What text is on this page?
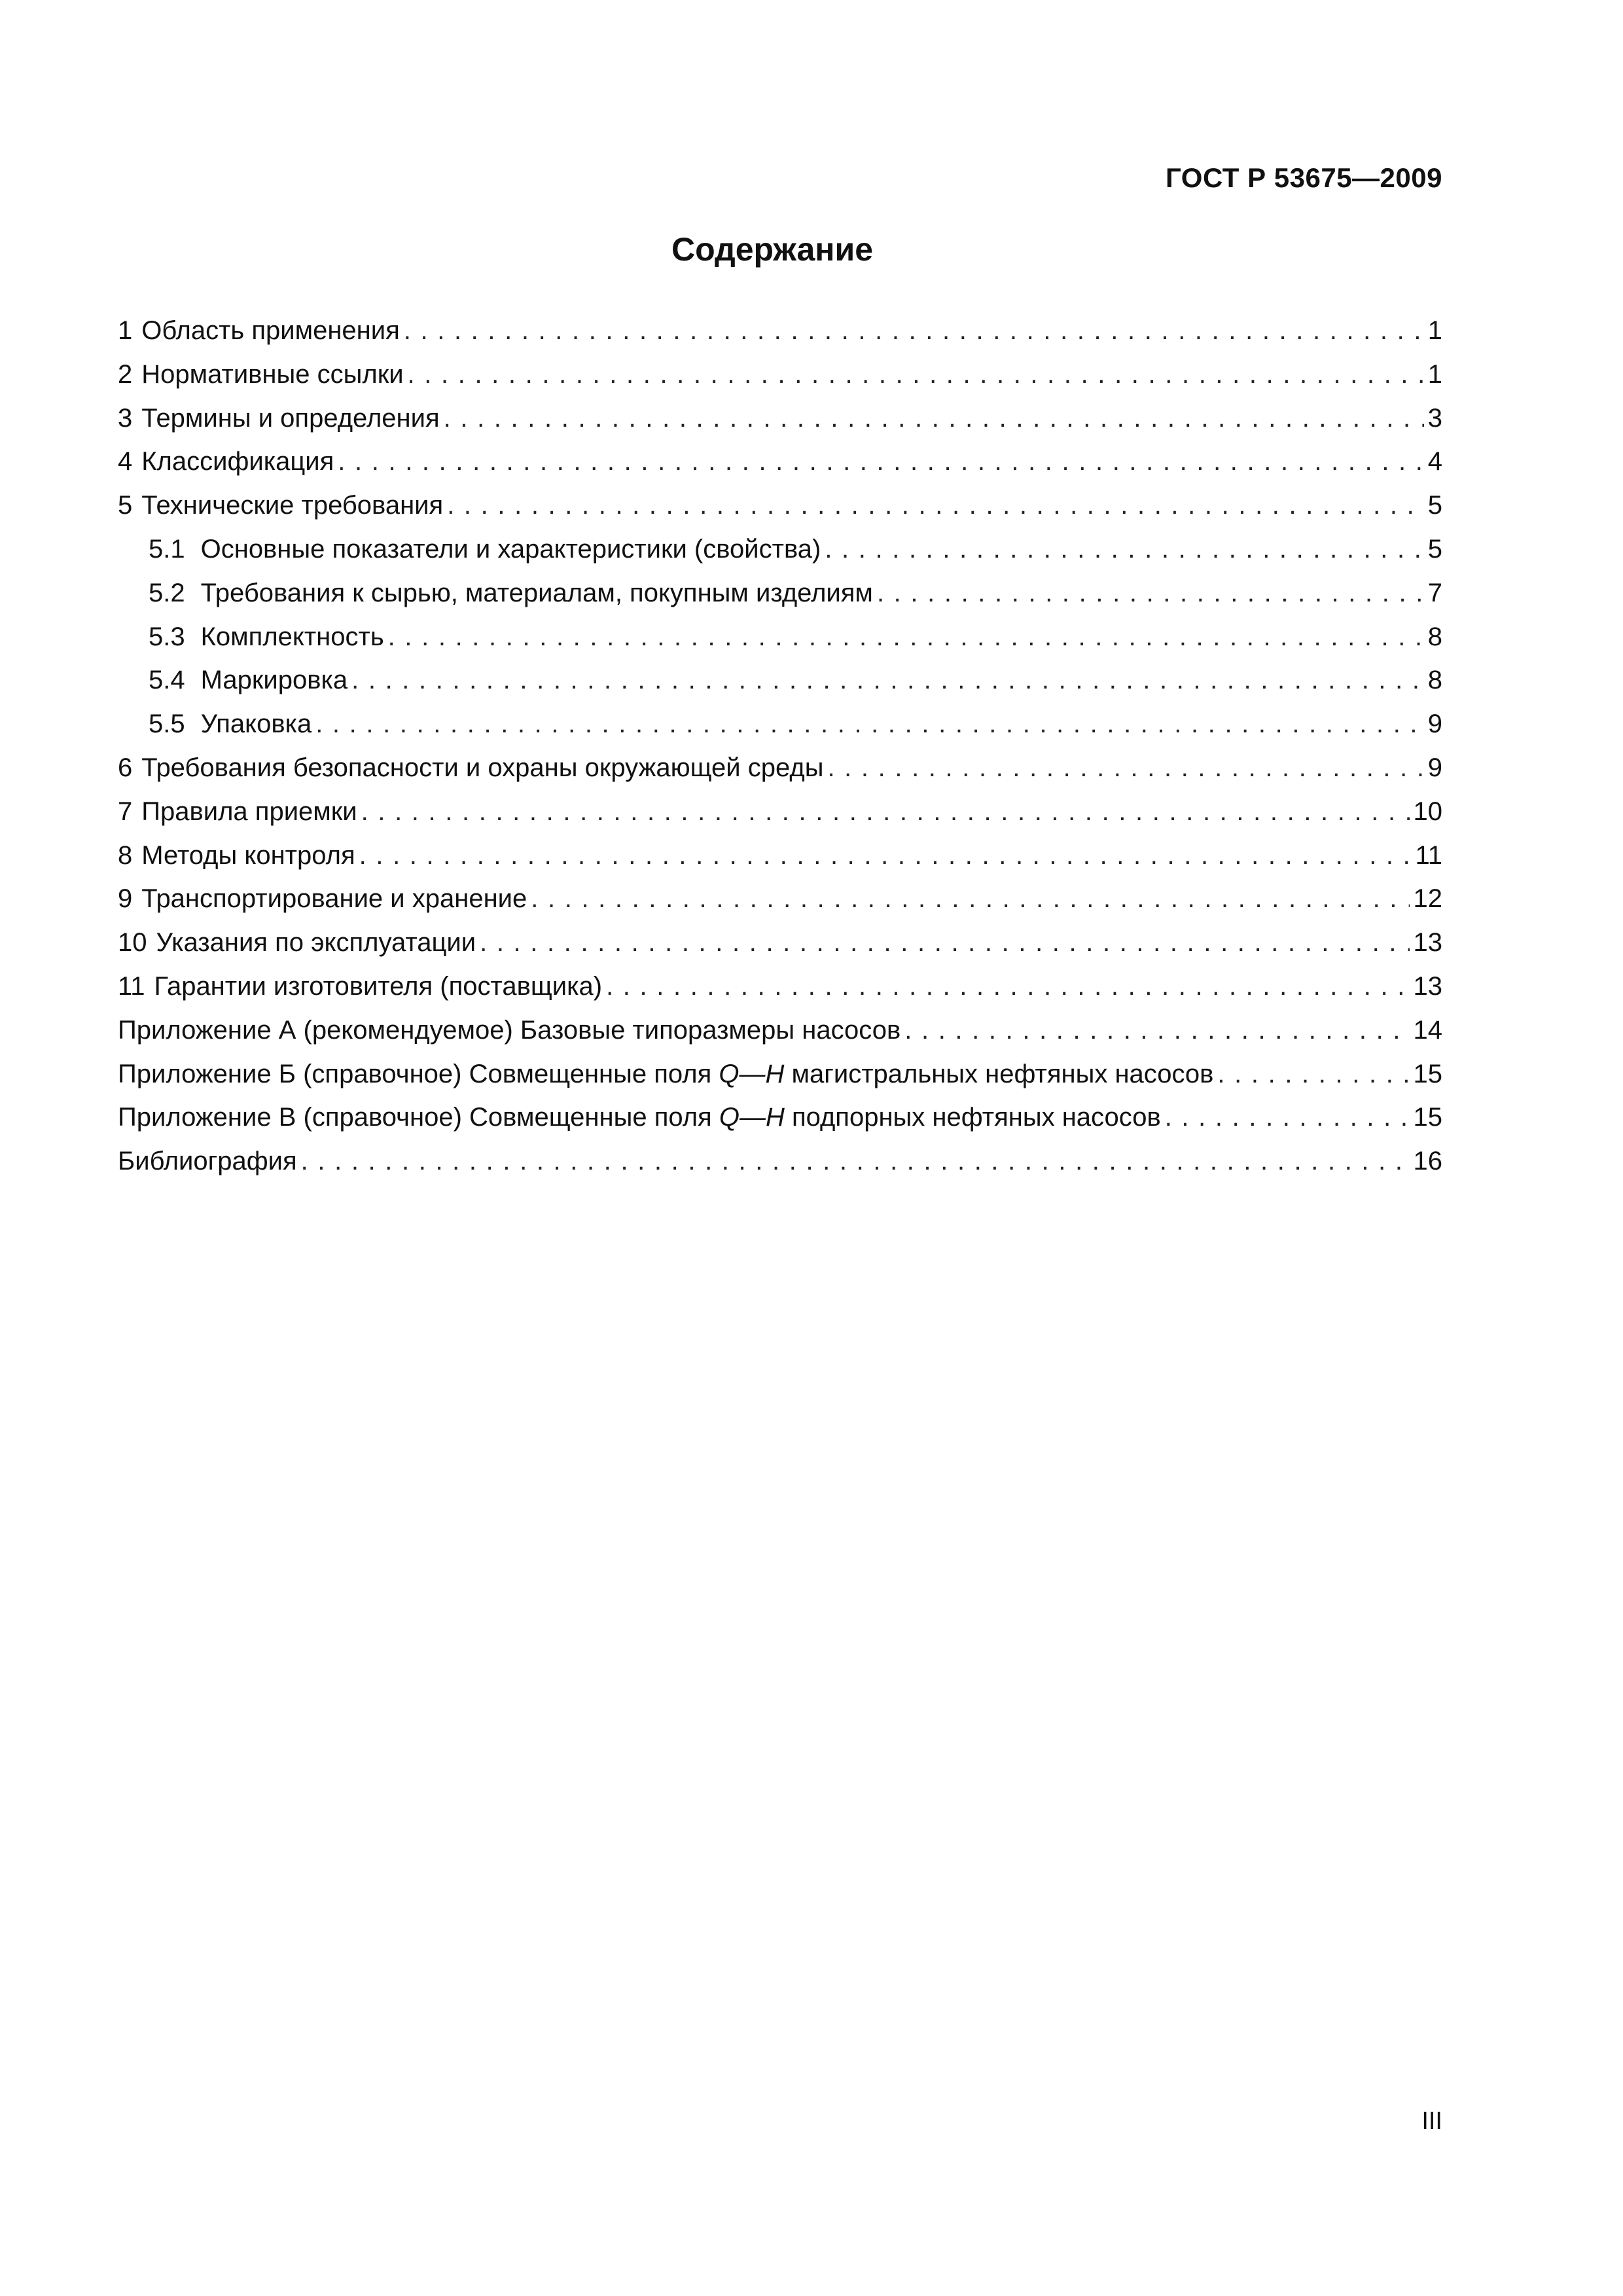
ГОСТ Р 53675—2009
Содержание
1 Область применения . . .	1
2 Нормативные ссылки . . .	1
3 Термины и определения . . .	3
4 Классификация . . .	4
5 Технические требования . . .	5
5.1 Основные показатели и характеристики (свойства) . . .	5
5.2 Требования к сырью, материалам, покупным изделиям . . .	7
5.3 Комплектность . . .	8
5.4 Маркировка . . .	8
5.5 Упаковка . . .	9
6 Требования безопасности и охраны окружающей среды . . .	9
7 Правила приемки . . .	10
8 Методы контроля . . .	11
9 Транспортирование и хранение . . .	12
10 Указания по эксплуатации . . .	13
11 Гарантии изготовителя (поставщика) . . .	13
Приложение А (рекомендуемое) Базовые типоразмеры насосов . . .	14
Приложение Б (справочное) Совмещенные поля Q—H магистральных нефтяных насосов . . .	15
Приложение В (справочное) Совмещенные поля Q—H подпорных нефтяных насосов . . .	15
Библиография . . .	16
III
